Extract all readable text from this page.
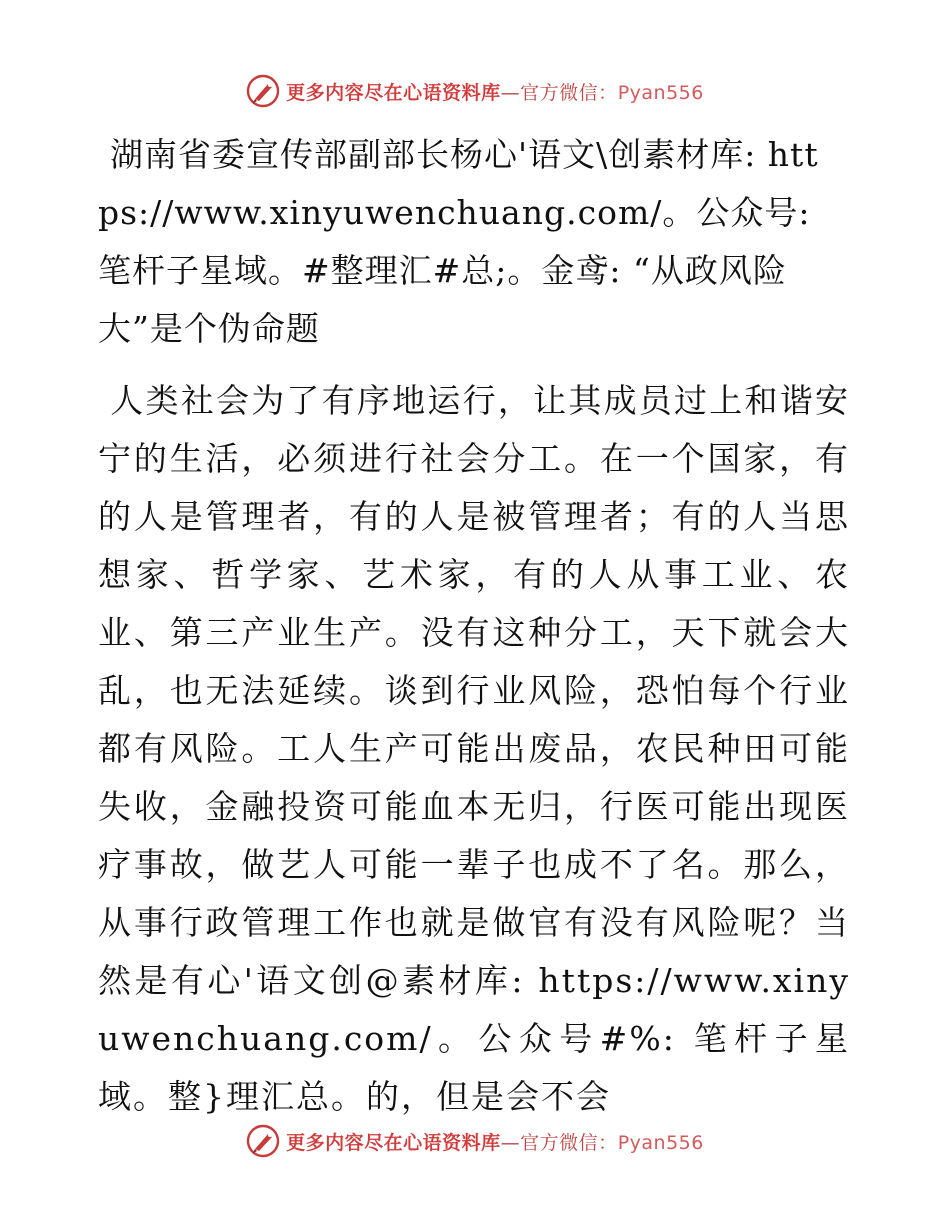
更多内容尽在心语资料库—官方微信：Pyan556
湖南省委宣传部副部长杨心'语文\创素材库: https://www.xinyuwenchuang.com/。公众号: 笔杆子星域。#整理汇#总;。金鸢: “从政风险大”是个伪命题

人类社会为了有序地运行，让其成员过上和谐安宁的生活，必须进行社会分工。在一个国家，有的人是管理者，有的人是被管理者；有的人当思想家、哲学家、艺术家，有的人从事工业、农业、第三产业生产。没有这种分工，天下就会大乱，也无法延续。谈到行业风险，恐怕每个行业都有风险。工人生产可能出废品，农民种田可能失收，金融投资可能血本无归，行医可能出现医疗事故，做艺人可能一辈子也成不了名。那么，从事行政管理工作也就是做官有没有风险呢？当然是有心'语文创@素材库: https://www.xinyuwenchuang.com/。公众号#%: 笔杆子星域。整}理汇总。的，但是会不会

更多内容尽在心语资料库—官方微信：Pyan556
